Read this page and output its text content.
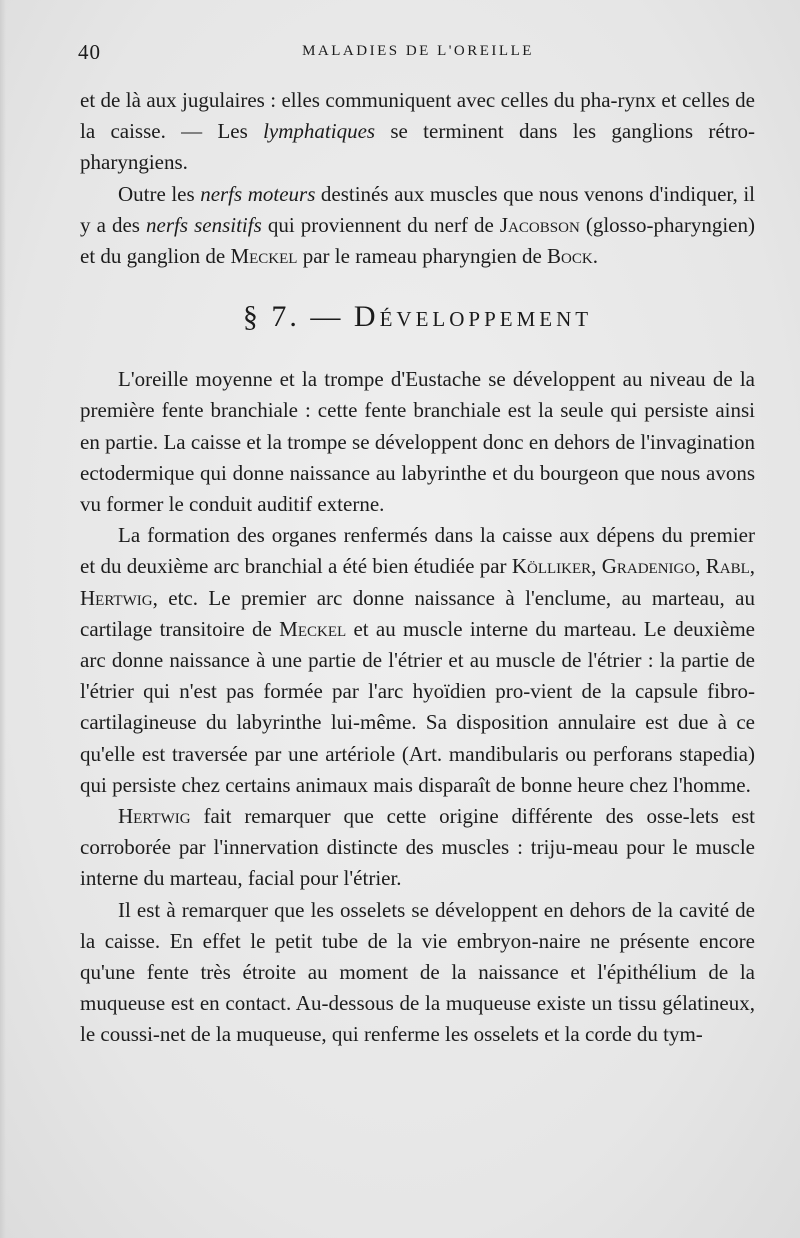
40	MALADIES DE L'OREILLE

et de là aux jugulaires : elles communiquent avec celles du pha-rynx et celles de la caisse. — Les lymphatiques se terminent dans les ganglions rétro-pharyngiens.

Outre les nerfs moteurs destinés aux muscles que nous venons d'indiquer, il y a des nerfs sensitifs qui proviennent du nerf de Jacobson (glosso-pharyngien) et du ganglion de Meckel par le rameau pharyngien de Bock.

§ 7. — Développement

L'oreille moyenne et la trompe d'Eustache se développent au niveau de la première fente branchiale : cette fente branchiale est la seule qui persiste ainsi en partie. La caisse et la trompe se développent donc en dehors de l'invagination ectodermique qui donne naissance au labyrinthe et du bourgeon que nous avons vu former le conduit auditif externe.

La formation des organes renfermés dans la caisse aux dépens du premier et du deuxième arc branchial a été bien étudiée par Kölliker, Gradenigo, Rabl, Hertwig, etc. Le premier arc donne naissance à l'enclume, au marteau, au cartilage transitoire de Meckel et au muscle interne du marteau. Le deuxième arc donne naissance à une partie de l'étrier et au muscle de l'étrier : la partie de l'étrier qui n'est pas formée par l'arc hyoïdien pro-vient de la capsule fibro-cartilagineuse du labyrinthe lui-même. Sa disposition annulaire est due à ce qu'elle est traversée par une artériole (Art. mandibularis ou perforans stapedia) qui persiste chez certains animaux mais disparaît de bonne heure chez l'homme.

Hertwig fait remarquer que cette origine différente des osse-lets est corroborée par l'innervation distincte des muscles : triju-meau pour le muscle interne du marteau, facial pour l'étrier.

Il est à remarquer que les osselets se développent en dehors de la cavité de la caisse. En effet le petit tube de la vie embryon-naire ne présente encore qu'une fente très étroite au moment de la naissance et l'épithélium de la muqueuse est en contact. Au-dessous de la muqueuse existe un tissu gélatineux, le coussi-net de la muqueuse, qui renferme les osselets et la corde du tym-
